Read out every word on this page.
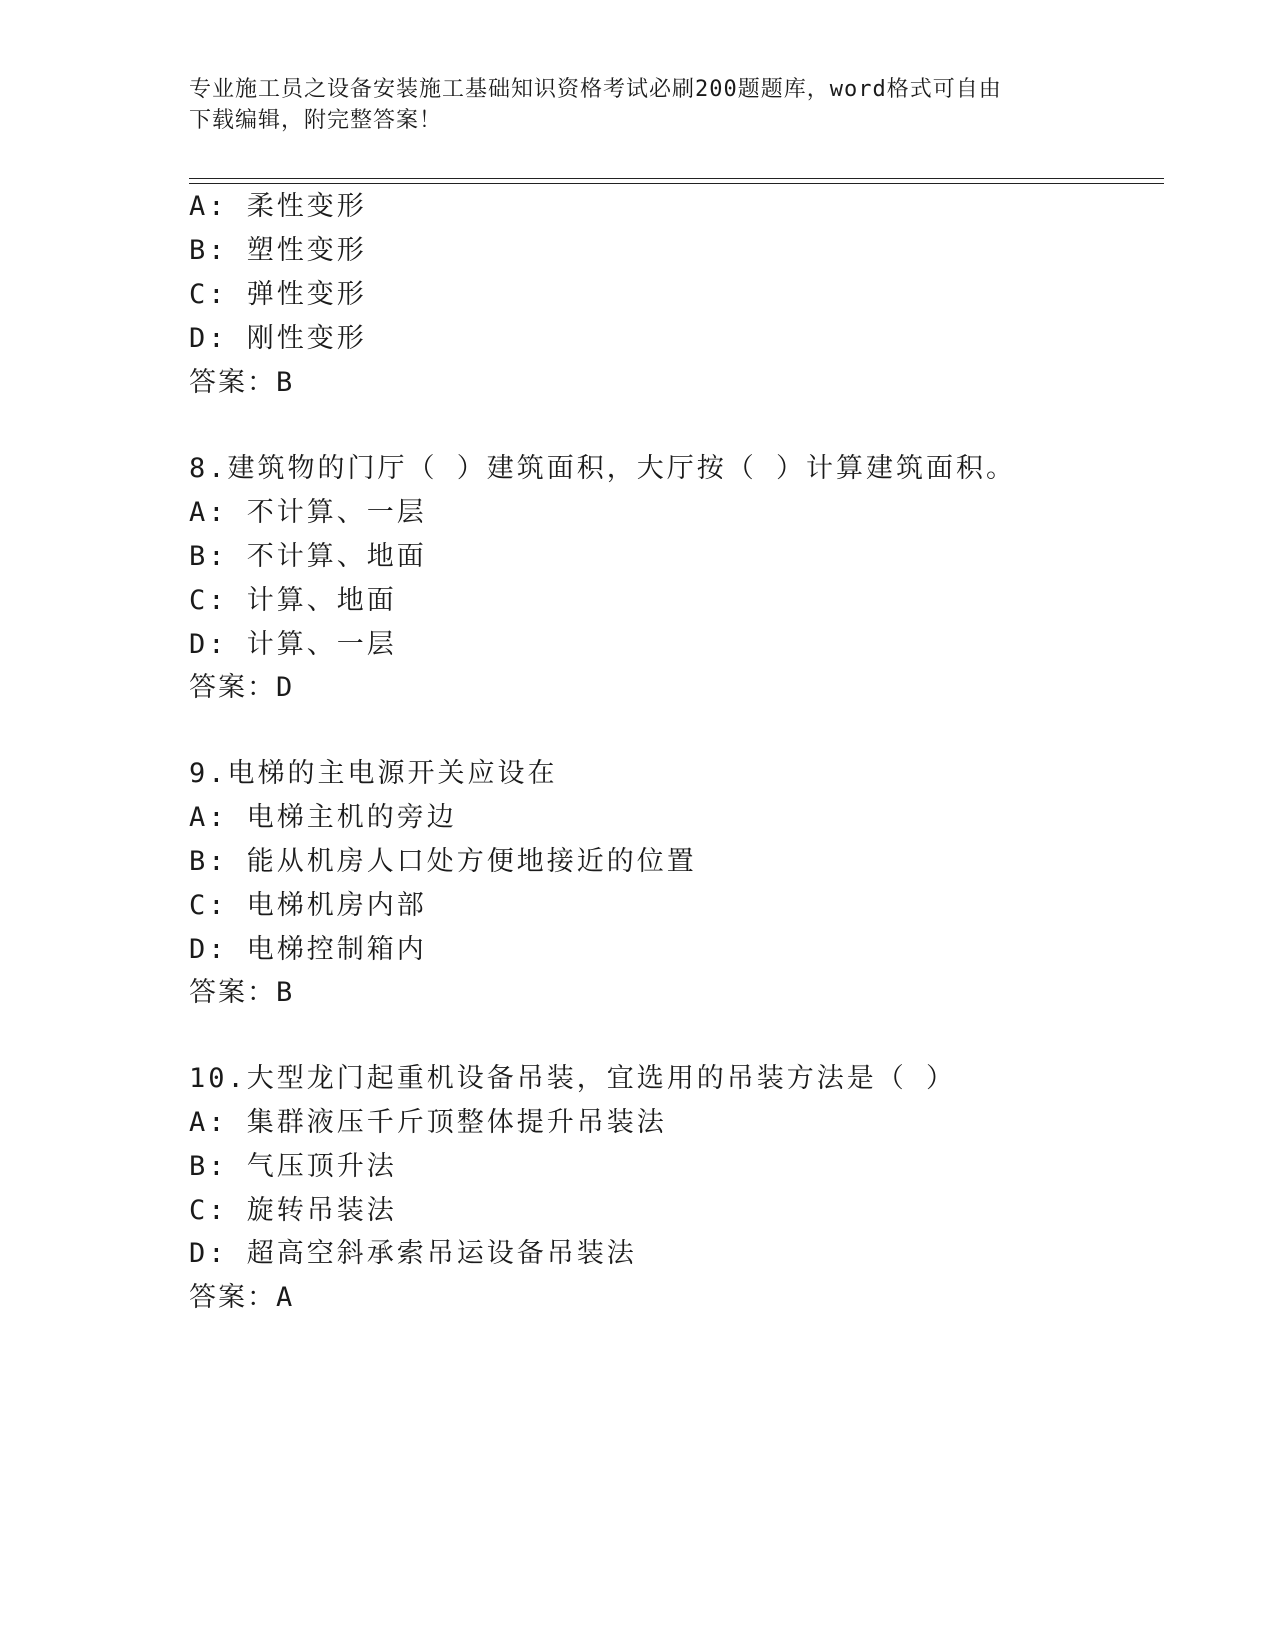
专业施工员之设备安装施工基础知识资格考试必刷200题题库，word格式可自由
下载编辑，附完整答案！
A: 柔性变形
B: 塑性变形
C: 弹性变形
D: 刚性变形
答案：B
8.建筑物的门厅（ ）建筑面积，大厅按（ ）计算建筑面积。
A: 不计算、一层
B: 不计算、地面
C: 计算、地面
D: 计算、一层
答案：D
9.电梯的主电源开关应设在
A: 电梯主机的旁边
B: 能从机房人口处方便地接近的位置
C: 电梯机房内部
D: 电梯控制箱内
答案：B
10.大型龙门起重机设备吊装，宜选用的吊装方法是（ ）
A: 集群液压千斤顶整体提升吊装法
B: 气压顶升法
C: 旋转吊装法
D: 超高空斜承索吊运设备吊装法
答案：A
